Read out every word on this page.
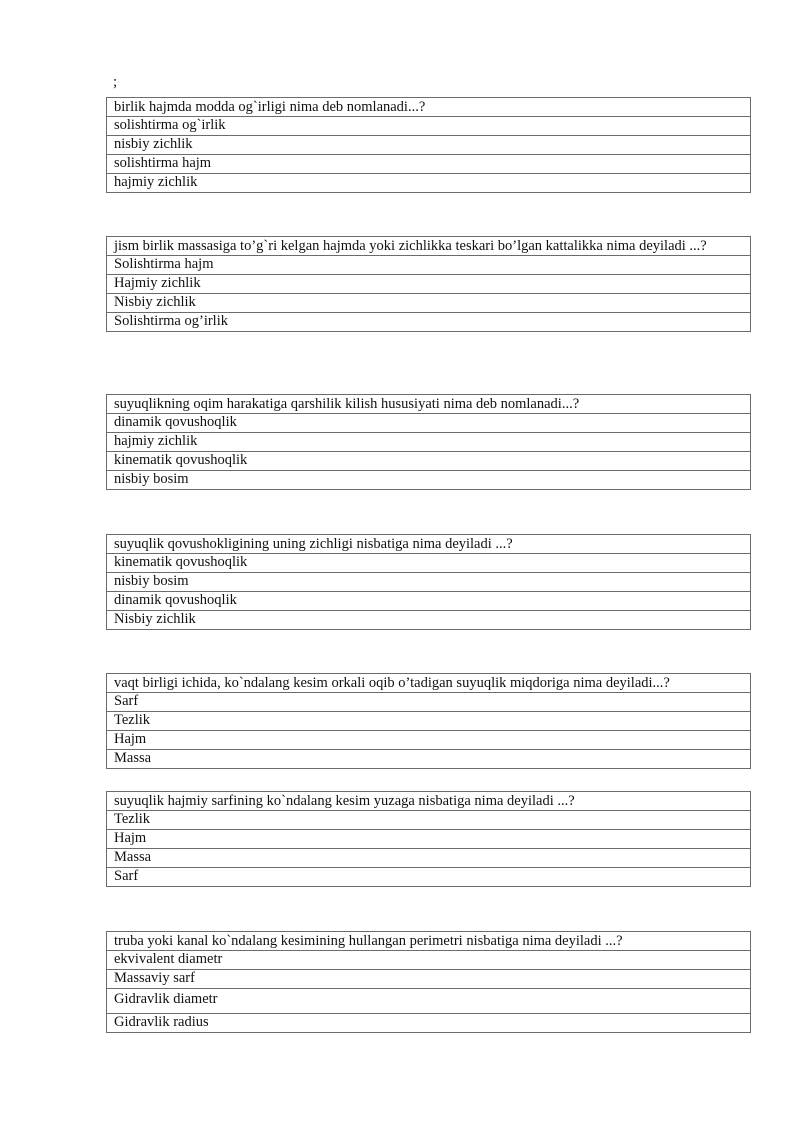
;
birlik hajmda modda og`irligi nima deb nomlanadi...?
solishtirma og`irlik
nisbiy zichlik
solishtirma hajm
hajmiy zichlik
jism birlik massasiga to’g`ri kelgan hajmda yoki zichlikka teskari bo’lgan kattalikka nima deyiladi ...?
Solishtirma hajm
Hajmiy zichlik
Nisbiy zichlik
Solishtirma og’irlik
suyuqlikning oqim harakatiga qarshilik kilish hususiyati nima deb nomlanadi...?
dinamik qovushoqlik
hajmiy zichlik
kinematik qovushoqlik
nisbiy bosim
suyuqlik qovushokligining uning zichligi nisbatiga nima deyiladi ...?
kinematik qovushoqlik
nisbiy bosim
dinamik qovushoqlik
Nisbiy zichlik
vaqt birligi ichida, ko`ndalang kesim orkali oqib o’tadigan suyuqlik miqdoriga nima deyiladi...?
Sarf
Tezlik
Hajm
Massa
suyuqlik hajmiy sarfining ko`ndalang kesim yuzaga nisbatiga nima deyiladi ...?
Tezlik
Hajm
Massa
Sarf
truba yoki kanal ko`ndalang kesimining hullangan perimetri nisbatiga nima deyiladi ...?
ekvivalent diametr
Massaviy sarf
Gidravlik diametr
Gidravlik radius
